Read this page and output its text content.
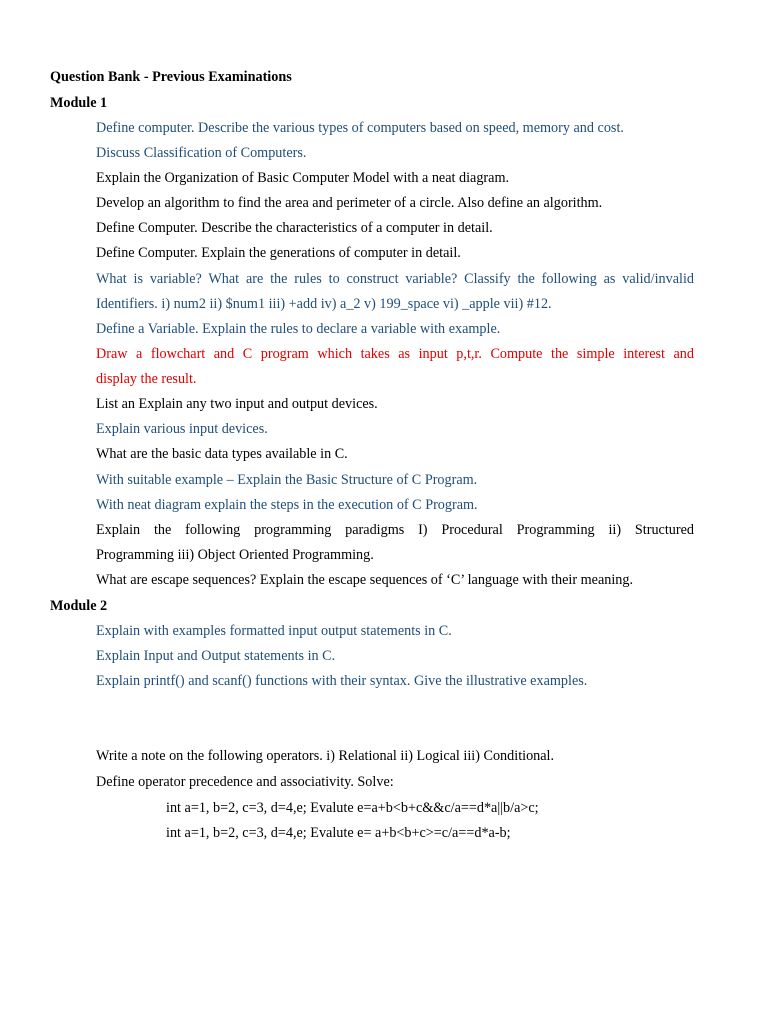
Question Bank - Previous Examinations
Module 1
Define computer. Describe the various types of computers based on speed, memory and cost.
Discuss Classification of Computers.
Explain the Organization of Basic Computer Model with a neat diagram.
Develop an algorithm to find the area and perimeter of a circle. Also define an algorithm.
Define Computer. Describe the characteristics of a computer in detail.
Define Computer. Explain the generations of computer in detail.
What is variable? What are the rules to construct variable? Classify the following as valid/invalid
Identifiers. i) num2 ii) $num1 iii) +add iv) a_2 v) 199_space vi) _apple vii) #12.
Define a Variable. Explain the rules to declare a variable with example.
Draw a flowchart and C program which takes as input p,t,r. Compute the simple interest and
display the result.
List an Explain any two input and output devices.
Explain various input devices.
What are the basic data types available in C.
With suitable example – Explain the Basic Structure of C Program.
With neat diagram explain the steps in the execution of C Program.
Explain the following programming paradigms I) Procedural Programming ii) Structured
Programming iii) Object Oriented Programming.
What are escape sequences? Explain the escape sequences of ‘C’ language with their meaning.
Module 2
Explain with examples formatted input output statements in C.
Explain Input and Output statements in C.
Explain printf() and scanf() functions with their syntax. Give the illustrative examples.
Write a note on the following operators. i) Relational ii) Logical iii) Conditional.
Define operator precedence and associativity. Solve:
int a=1, b=2, c=3, d=4,e; Evalute e=a+b<b+c&&c/a==d*a||b/a>c;
int a=1, b=2, c=3, d=4,e; Evalute e= a+b<b+c>=c/a==d*a-b;
